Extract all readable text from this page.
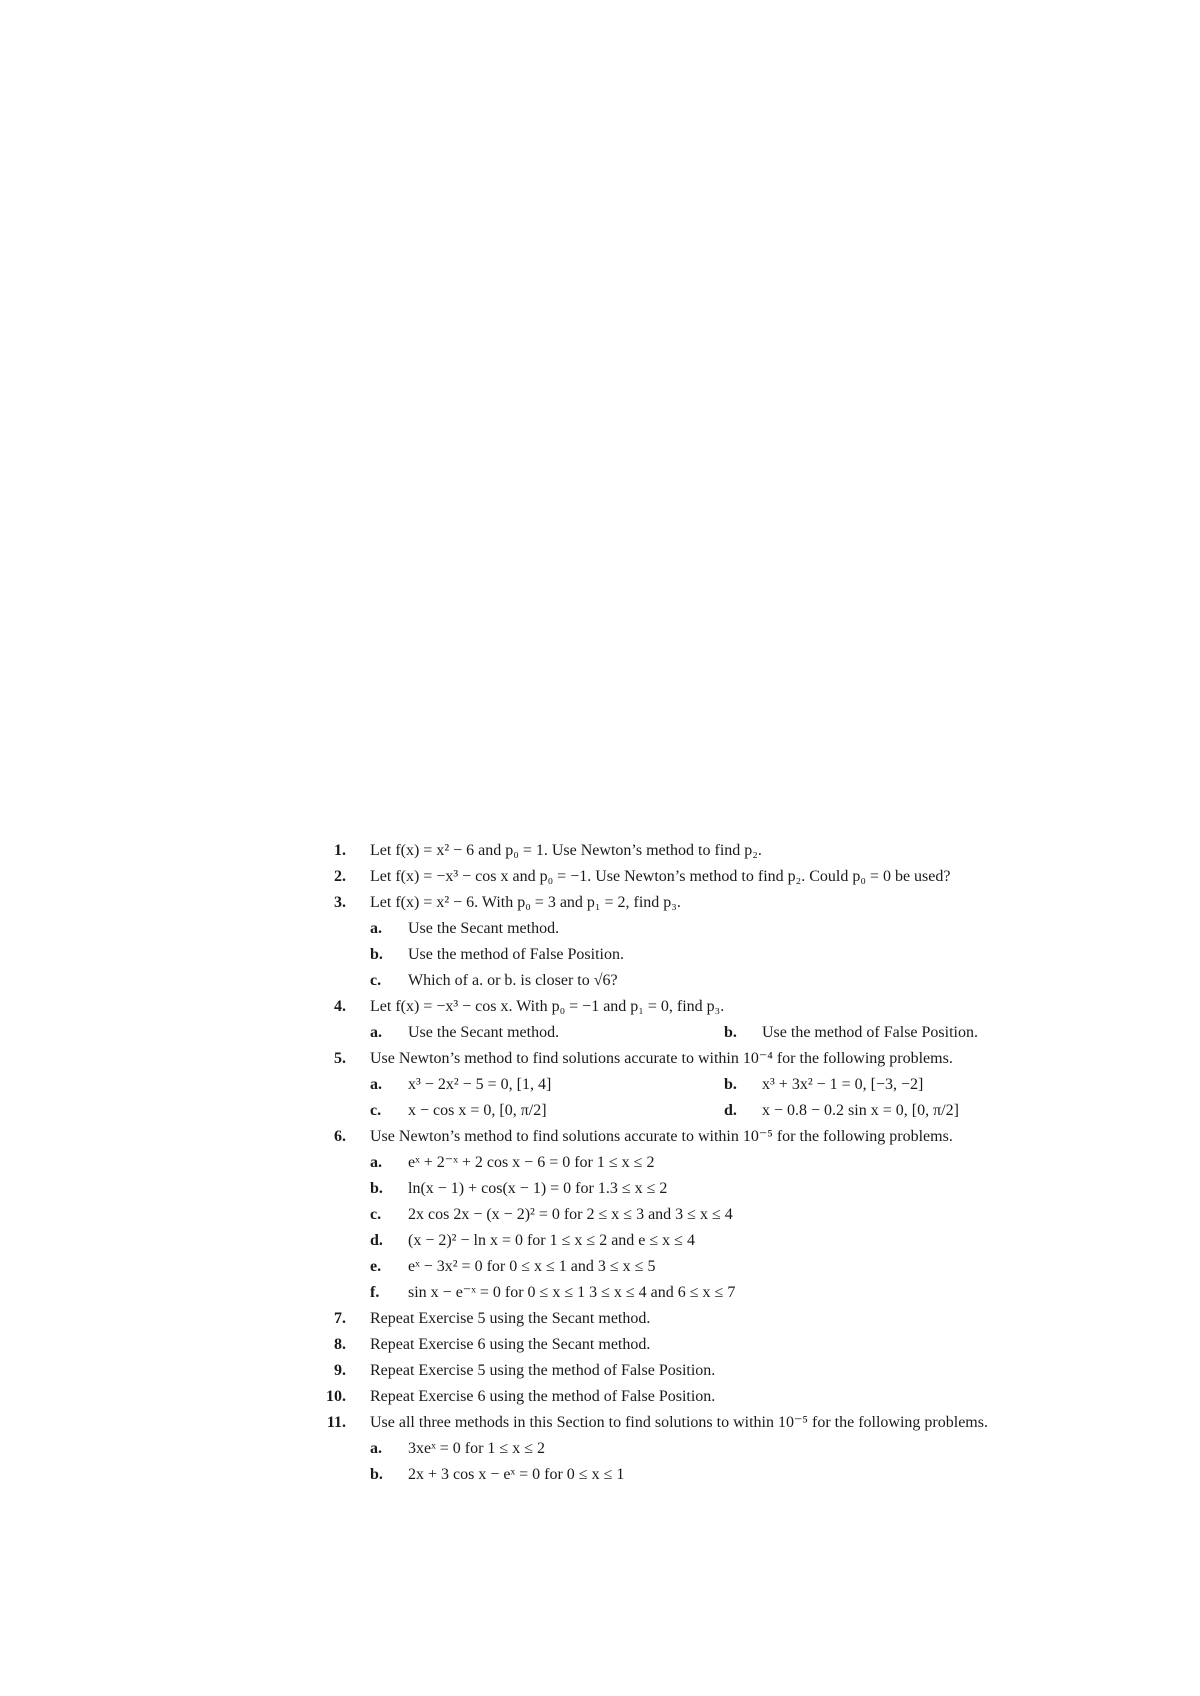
1. Let f(x) = x² − 6 and p₀ = 1. Use Newton’s method to find p₂.
2. Let f(x) = −x³ − cos x and p₀ = −1. Use Newton’s method to find p₂. Could p₀ = 0 be used?
3. Let f(x) = x² − 6. With p₀ = 3 and p₁ = 2, find p₃.
a. Use the Secant method.
b. Use the method of False Position.
c. Which of a. or b. is closer to √6?
4. Let f(x) = −x³ − cos x. With p₀ = −1 and p₁ = 0, find p₃.
a. Use the Secant method.	b. Use the method of False Position.
5. Use Newton’s method to find solutions accurate to within 10⁻⁴ for the following problems.
a. x³ − 2x² − 5 = 0, [1, 4]	b. x³ + 3x² − 1 = 0, [−3, −2]
c. x − cos x = 0, [0, π/2]	d. x − 0.8 − 0.2 sin x = 0, [0, π/2]
6. Use Newton’s method to find solutions accurate to within 10⁻⁵ for the following problems.
a. eˣ + 2⁻ˣ + 2 cos x − 6 = 0 for 1 ≤ x ≤ 2
b. ln(x − 1) + cos(x − 1) = 0 for 1.3 ≤ x ≤ 2
c. 2x cos 2x − (x − 2)² = 0 for 2 ≤ x ≤ 3 and 3 ≤ x ≤ 4
d. (x − 2)² − ln x = 0 for 1 ≤ x ≤ 2 and e ≤ x ≤ 4
e. eˣ − 3x² = 0 for 0 ≤ x ≤ 1 and 3 ≤ x ≤ 5
f. sin x − e⁻ˣ = 0 for 0 ≤ x ≤ 1 3 ≤ x ≤ 4 and 6 ≤ x ≤ 7
7. Repeat Exercise 5 using the Secant method.
8. Repeat Exercise 6 using the Secant method.
9. Repeat Exercise 5 using the method of False Position.
10. Repeat Exercise 6 using the method of False Position.
11. Use all three methods in this Section to find solutions to within 10⁻⁵ for the following problems.
a. 3xeˣ = 0 for 1 ≤ x ≤ 2
b. 2x + 3 cos x − eˣ = 0 for 0 ≤ x ≤ 1
